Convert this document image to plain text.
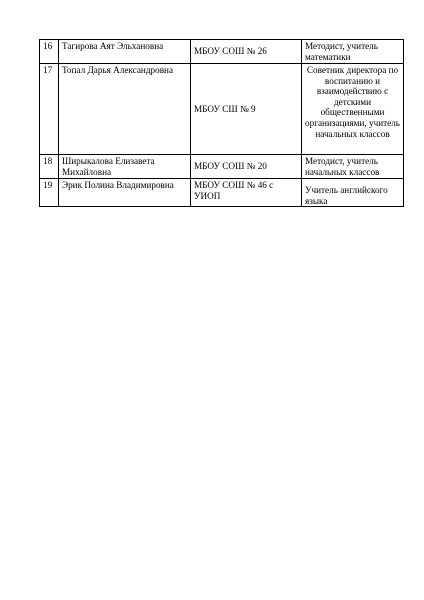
16	Тагирова Аят Эльхановна	МБОУ СОШ № 26	Методист, учитель математики
17	Топал Дарья Александровна	МБОУ СШ № 9	Советник директора по воспитанию и взаимодействию с детскими общественными организациями, учитель начальных классов
18	Ширыкалова Елизавета Михайловна	МБОУ СОШ № 20	Методист, учитель начальных классов
19	Эрик Полина Владимировна	МБОУ СОШ № 46 с УИОП	Учитель английского языка
